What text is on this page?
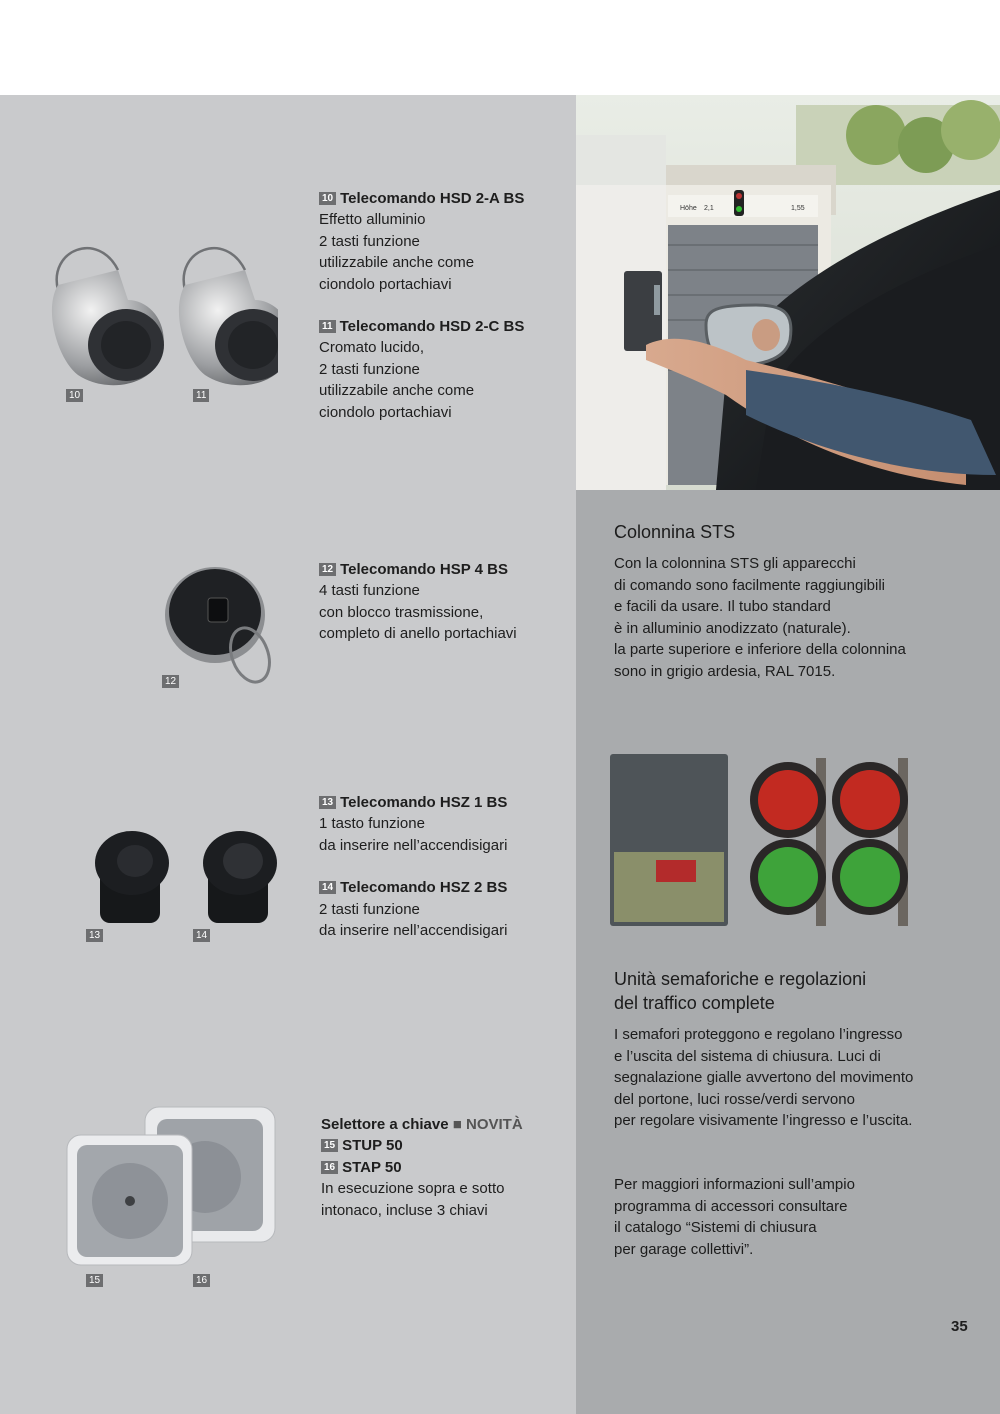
Höhe 2,1	1,55
10	11
12
13	14
15	16

10 Telecomando HSD 2-A BS

Effetto alluminio

2 tasti funzione

utilizzabile anche come

ciondolo portachiavi

11 Telecomando HSD 2-C BS

Cromato lucido,

2 tasti funzione

utilizzabile anche come

ciondolo portachiavi

12 Telecomando HSP 4 BS

4 tasti funzione

con blocco trasmissione,

completo di anello portachiavi

13 Telecomando HSZ 1 BS

1 tasto funzione

da inserire nell’accendisigari

14 Telecomando HSZ 2 BS

2 tasti funzione

da inserire nell’accendisigari

Selettore a chiave ■ NOVITÀ

15 STUP 50

16 STAP 50

In esecuzione sopra e sotto

intonaco, incluse 3 chiavi

Colonnina STS
Con la colonnina STS gli apparecchi
di comando sono facilmente raggiungibili
e facili da usare. Il tubo standard
è in alluminio anodizzato (naturale).
la parte superiore e inferiore della colonnina
sono in grigio ardesia, RAL 7015.
Unità semaforiche e regolazioni
del traffico complete
I semafori proteggono e regolano l’ingresso
e l’uscita del sistema di chiusura. Luci di
segnalazione gialle avvertono del movimento
del portone, luci rosse/verdi servono
per regolare visivamente l’ingresso e l’uscita.
Per maggiori informazioni sull’ampio
programma di accessori consultare
il catalogo “Sistemi di chiusura
per garage collettivi”.
35
